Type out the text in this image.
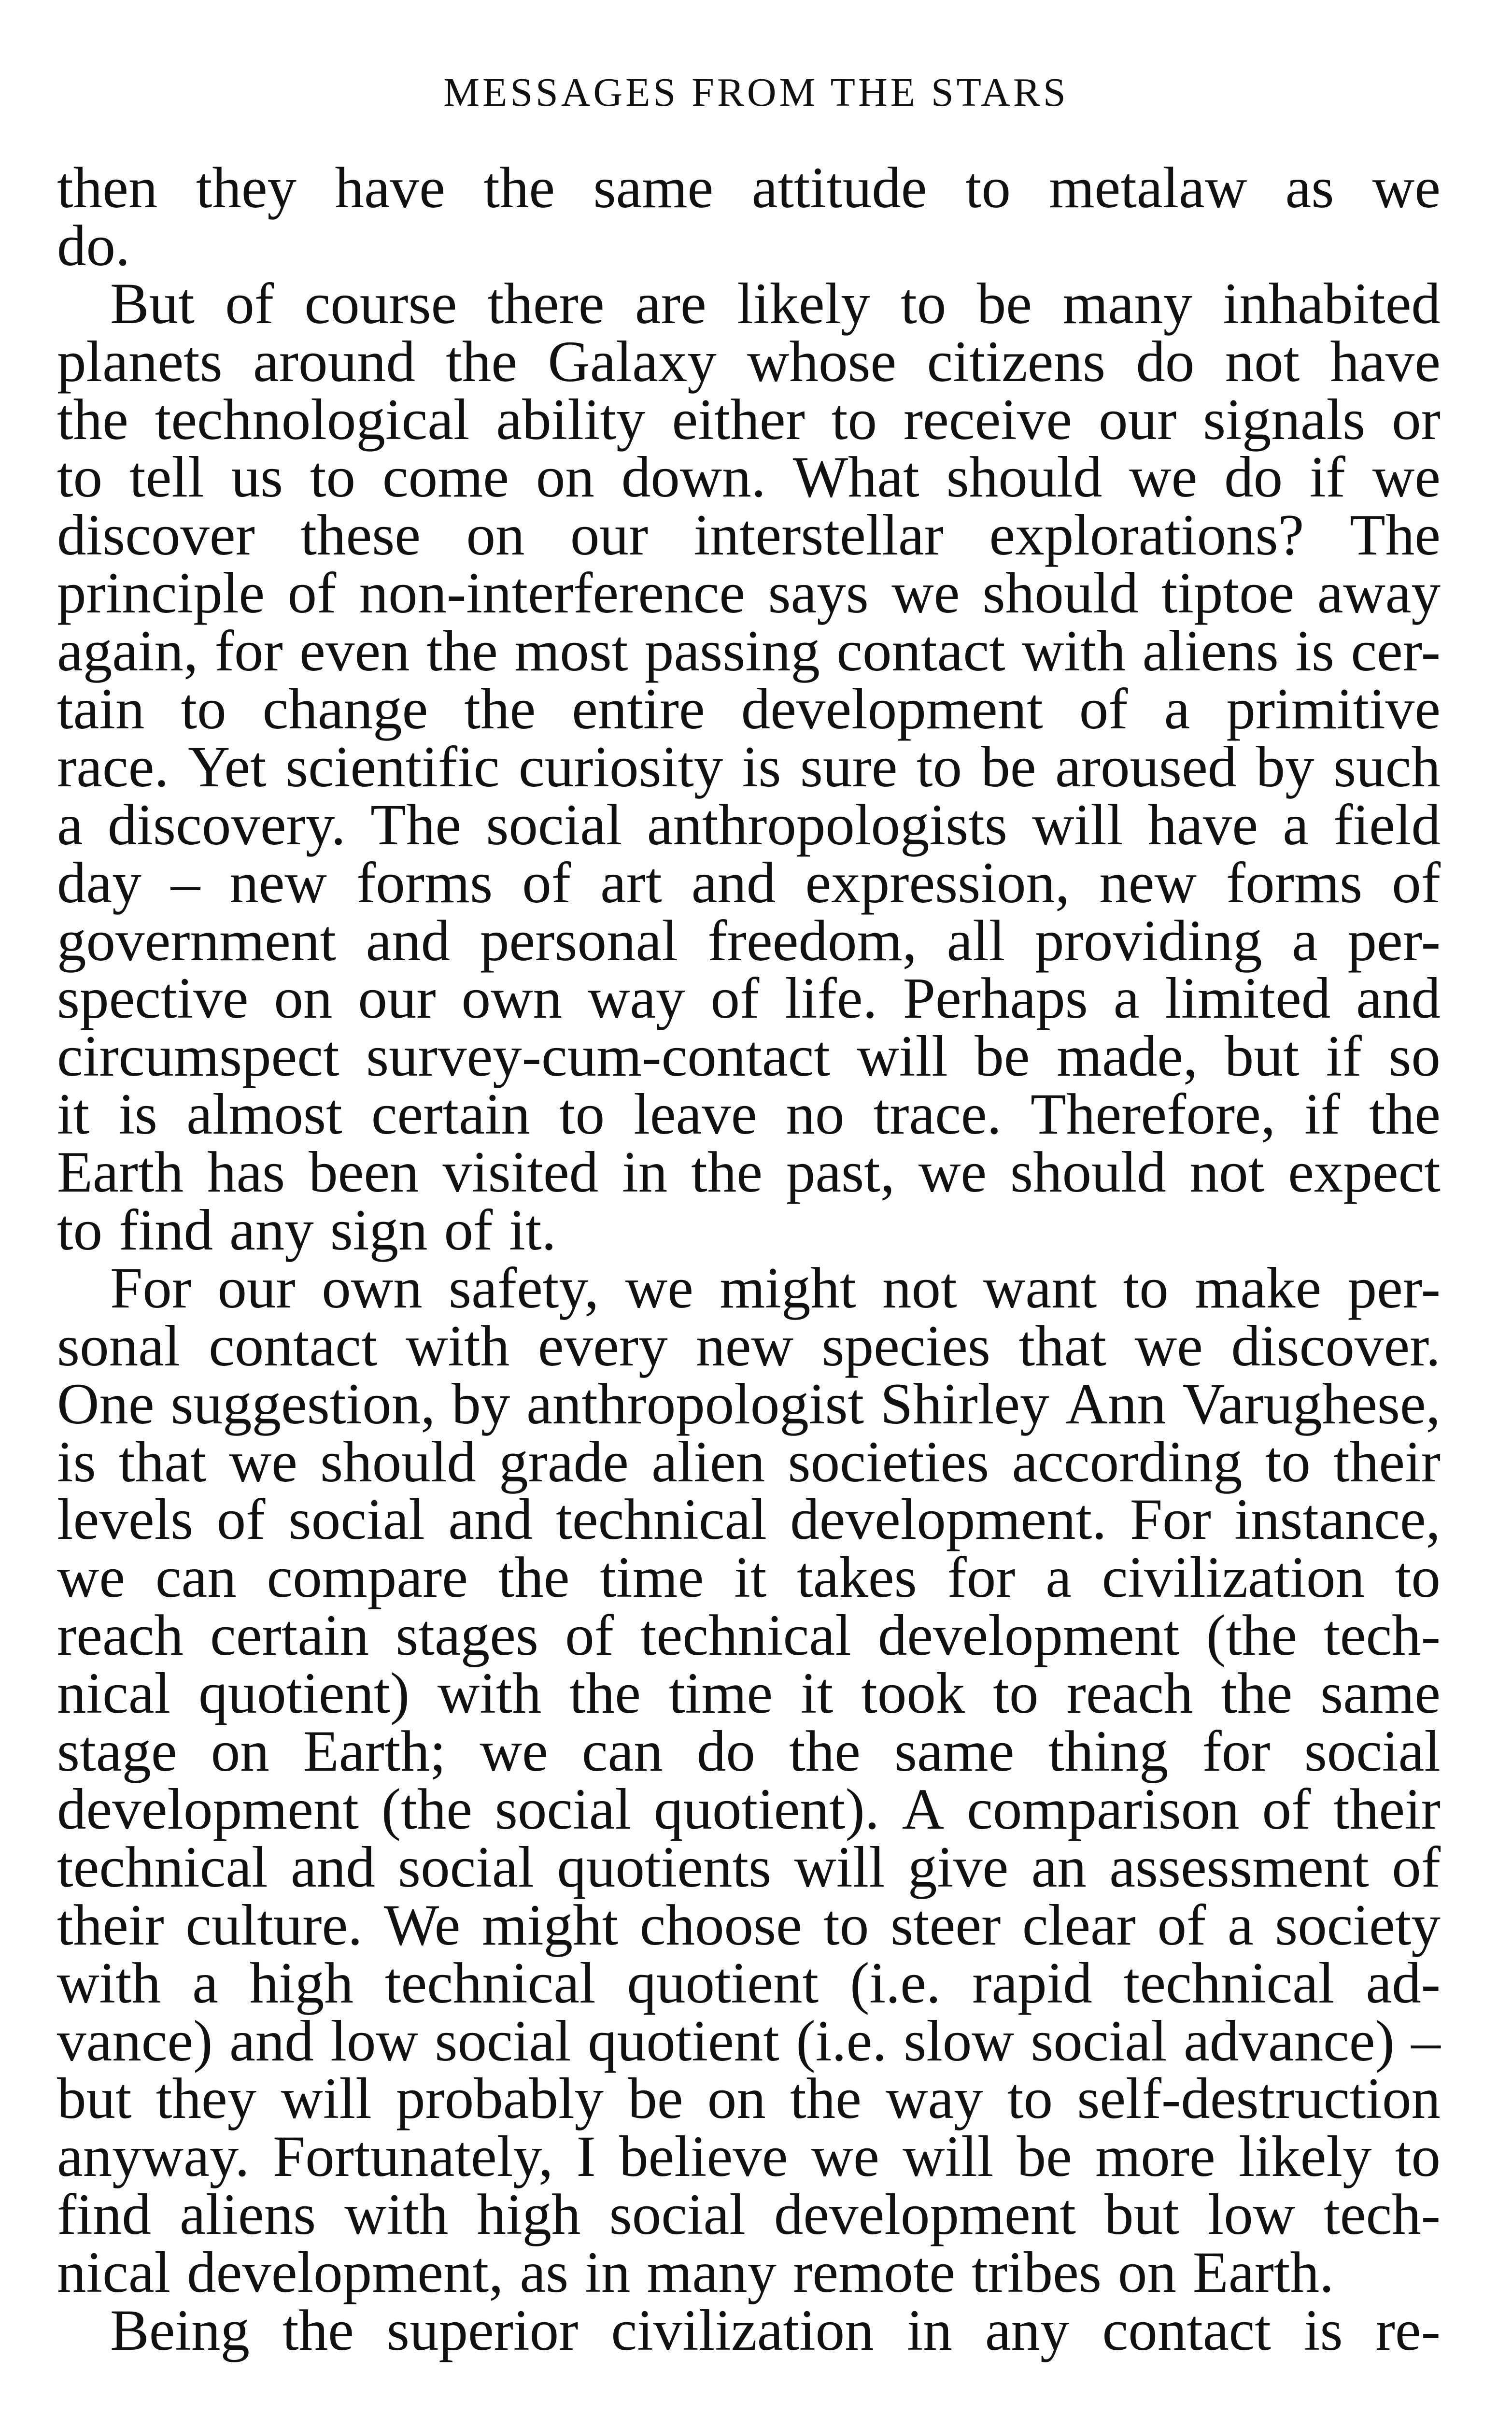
MESSAGES FROM THE STARS
then they have the same attitude to metalaw as we
do.
But of course there are likely to be many inhabited
planets around the Galaxy whose citizens do not have
the technological ability either to receive our signals or
to tell us to come on down. What should we do if we
discover these on our interstellar explorations? The
principle of non-interference says we should tiptoe away
again, for even the most passing contact with aliens is cer-
tain to change the entire development of a primitive
race. Yet scientific curiosity is sure to be aroused by such
a discovery. The social anthropologists will have a field
day – new forms of art and expression, new forms of
government and personal freedom, all providing a per-
spective on our own way of life. Perhaps a limited and
circumspect survey-cum-contact will be made, but if so
it is almost certain to leave no trace. Therefore, if the
Earth has been visited in the past, we should not expect
to find any sign of it.
For our own safety, we might not want to make per-
sonal contact with every new species that we discover.
One suggestion, by anthropologist Shirley Ann Varughese,
is that we should grade alien societies according to their
levels of social and technical development. For instance,
we can compare the time it takes for a civilization to
reach certain stages of technical development (the tech-
nical quotient) with the time it took to reach the same
stage on Earth; we can do the same thing for social
development (the social quotient). A comparison of their
technical and social quotients will give an assessment of
their culture. We might choose to steer clear of a society
with a high technical quotient (i.e. rapid technical ad-
vance) and low social quotient (i.e. slow social advance) –
but they will probably be on the way to self-destruction
anyway. Fortunately, I believe we will be more likely to
find aliens with high social development but low tech-
nical development, as in many remote tribes on Earth.
Being the superior civilization in any contact is re-
